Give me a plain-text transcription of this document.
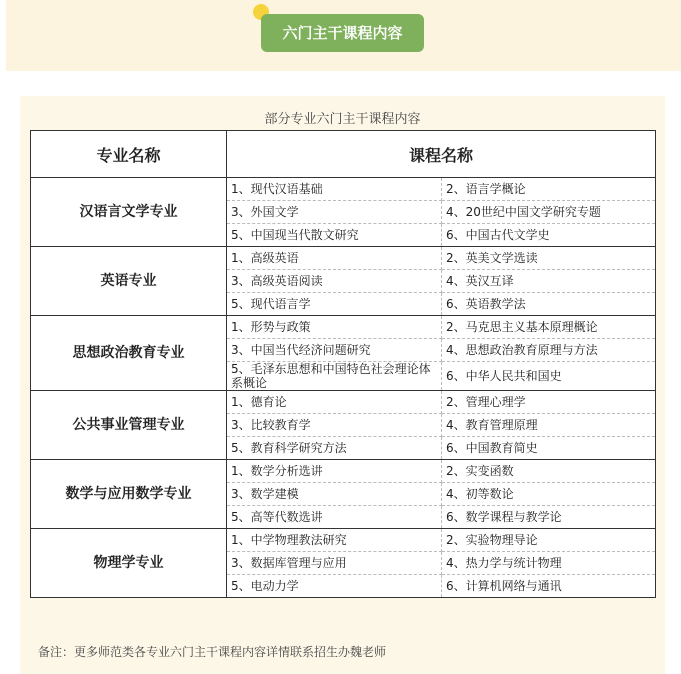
六门主干课程内容
部分专业六门主干课程内容
专业名称	课程名称	
汉语言文学专业	1、现代汉语基础	2、语言学概论
	3、外国文学	4、20世纪中国文学研究专题
	5、中国现当代散文研究	6、中国古代文学史
英语专业	1、高级英语	2、英美文学选读
	3、高级英语阅读	4、英汉互译
	5、现代语言学	6、英语教学法
思想政治教育专业	1、形势与政策	2、马克思主义基本原理概论
	3、中国当代经济问题研究	4、思想政治教育原理与方法
	5、毛泽东思想和中国特色社会理论体系概论	6、中华人民共和国史
公共事业管理专业	1、德育论	2、管理心理学
	3、比较教育学	4、教育管理原理
	5、教育科学研究方法	6、中国教育简史
数学与应用数学专业	1、数学分析选讲	2、实变函数
	3、数学建模	4、初等数论
	5、高等代数选讲	6、数学课程与教学论
物理学专业	1、中学物理教法研究	2、实验物理导论
	3、数据库管理与应用	4、热力学与统计物理
	5、电动力学	6、计算机网络与通讯
备注：更多师范类各专业六门主干课程内容详情联系招生办魏老师
